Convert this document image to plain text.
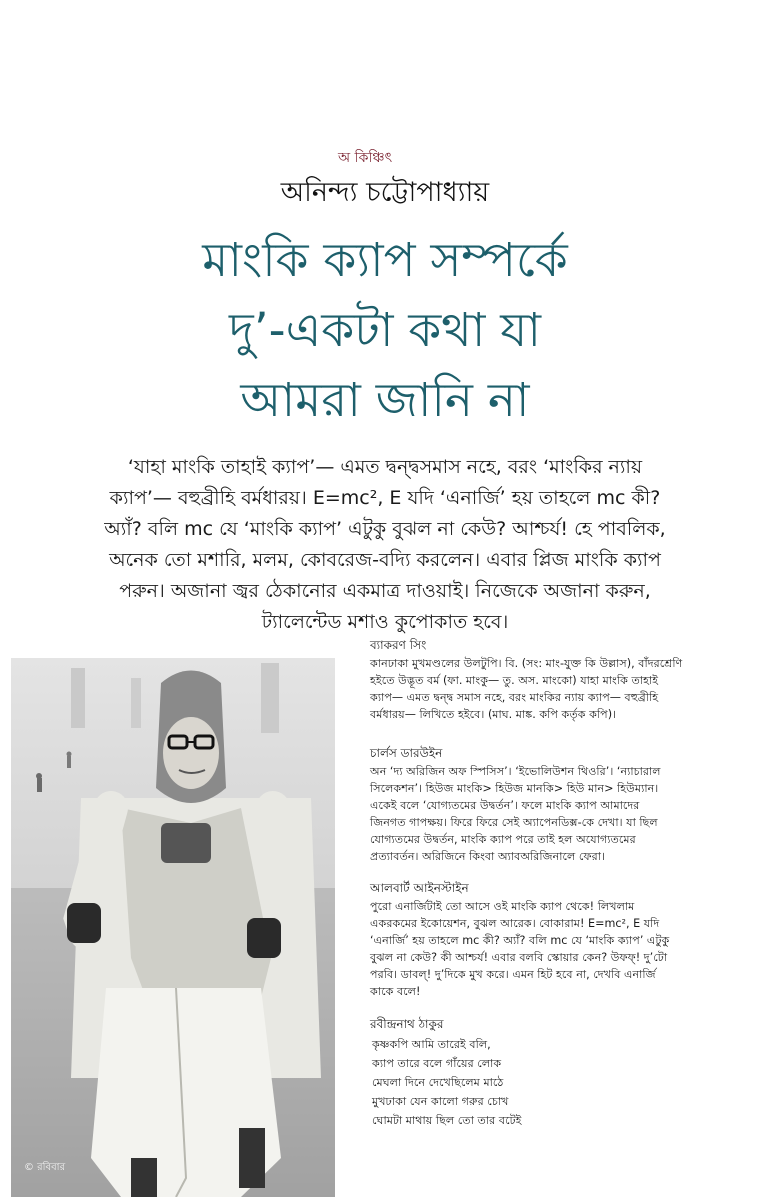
অ কিঞ্চিৎ
অনিন্দ্য চট্টোপাধ্যায়
মাংকি ক্যাপ সম্পর্কে
দু’-একটা কথা যা
আমরা জানি না
‘যাহা মাংকি তাহাই ক্যাপ’— এমত দ্বন্দ্বসমাস নহে, বরং ‘মাংকির ন্যায়
ক্যাপ’— বহুব্রীহি বর্মধারয়। E=mc², E যদি ‘এনার্জি’ হয় তাহলে mc কী?
অ্যাঁ? বলি mc যে ‘মাংকি ক্যাপ’ এটুকু বুঝল না কেউ? আশ্চর্য! হে পাবলিক,
অনেক তো মশারি, মলম, কোবরেজ-বদ্যি করলেন। এবার প্লিজ মাংকি ক্যাপ
পরুন। অজানা জ্বর ঠেকানোর একমাত্র দাওয়াই। নিজেকে অজানা করুন,
ট্যালেন্টেড মশাও কুপোকাত হবে।
© রবিবার
ব্যাকরণ সিং
কানঢাকা মুখমণ্ডলের উলটুপি। বি. (সং: মাং-যুক্ত কি উল্লাস), বাঁদরশ্রেণি
হইতে উদ্ভূত বর্ম (ফা. মাংকু— তু. অস. মাংকো) যাহা মাংকি তাহাই
ক্যাপ— এমত দ্বন্দ্ব সমাস নহে, বরং মাংকির ন্যায় ক্যাপ— বহুব্রীহি
বর্মধারয়— লিখিতে হইবে। (মাঘ. মাঙ্ক. কপি কর্তৃক কপি)।
চার্লস ডারউইন
অন ‘দ্য অরিজিন অফ স্পিসিস’। ‘ইভোলিউশন থিওরি’। ‘ন্যাচারাল
সিলেকশন’। হিউজ মাংকি> হিউজ মানকি> হিউ মান> হিউম্যান।
একেই বলে ‘যোগ্যতমের উদ্বর্তন’। ফলে মাংকি ক্যাপ আমাদের
জিনগত গাপক্ষয়। ফিরে ফিরে সেই অ্যাপেনডিক্স-কে দেখা। যা ছিল
যোগ্যতমের উদ্বর্তন, মাংকি ক্যাপ পরে তাই হল অযোগ্যতমের
প্রত্যাবর্তন। অরিজিনে কিংবা অ্যাবঅরিজিনালে ফেরা।
আলবার্ট আইনস্টাইন
পুরো এনার্জিটাই তো আসে ওই মাংকি ক্যাপ থেকে! লিখলাম
একরকমের ইকোয়েশন, বুঝল আরেক। বোকারাম! E=mc², E যদি
‘এনার্জি’ হয় তাহলে mc কী? অ্যাঁ? বলি mc যে ‘মাংকি ক্যাপ’ এটুকু
বুঝল না কেউ? কী আশ্চর্য! এবার বলবি স্কোয়ার কেন? উফফ্! দু’টো
পরবি। ডাবল্! দু’দিকে মুখ করে। এমন হিট হবে না, দেখবি এনার্জি
কাকে বলে!
রবীন্দ্রনাথ ঠাকুর
কৃষ্ণকপি আমি তারেই বলি,
ক্যাপ তারে বলে গাঁয়ের লোক
মেঘলা দিনে দেখেছিলেম মাঠে
মুখঢাকা যেন কালো গরুর চোখ
ঘোমটা মাথায় ছিল তো তার বটেই
